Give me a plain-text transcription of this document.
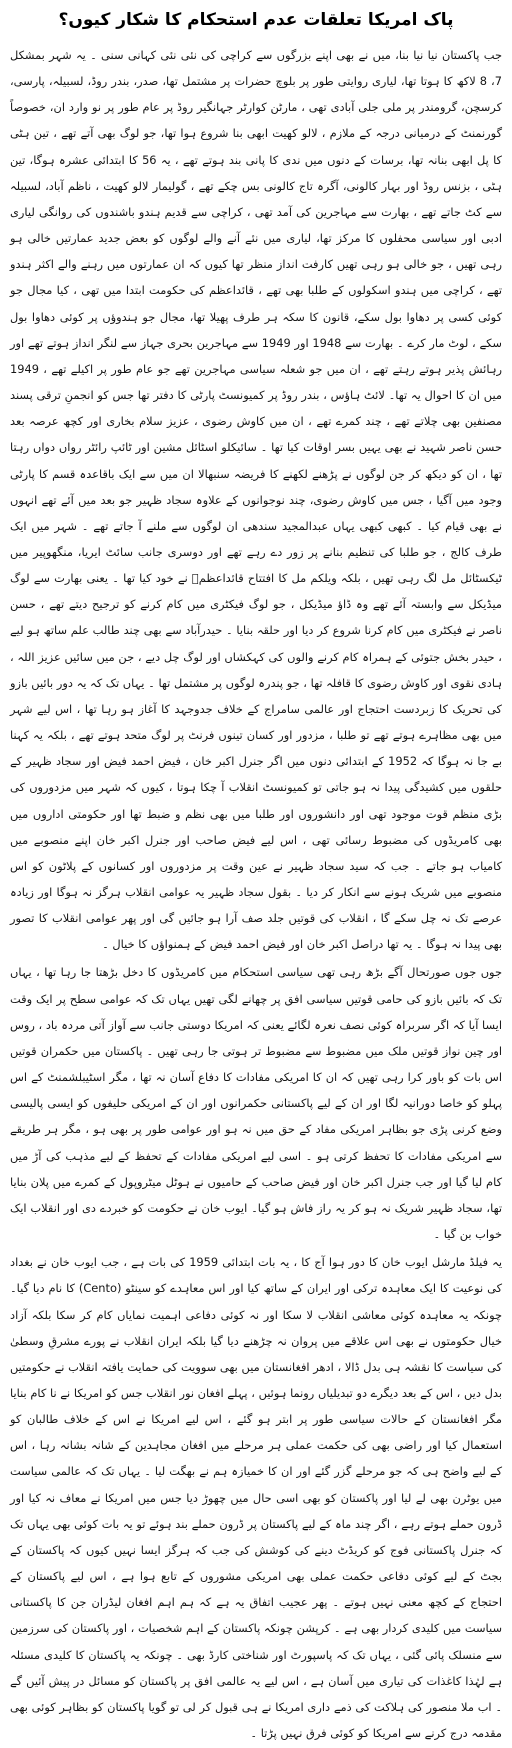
پاک امریکا تعلقات عدم استحکام کا شکار کیوں؟

جب پاکستان نیا نیا بنا، میں نے بھی اپنے بزرگوں سے کراچی کی نئی نئی کہانی سنی ۔ یہ شہر بمشکل 7، 8 لاکھ کا ہوتا تھا، لیاری روایتی طور پر بلوچ حضرات پر مشتمل تھا، صدر، بندر روڈ، لسبیلہ، پارسی، کرسچن، گرومندر پر ملی جلی آبادی تھی ، مارٹن کوارٹر جہانگیر روڈ پر عام طور پر نو وارد ان، خصوصاً گورنمنٹ کے درمیانی درجہ کے ملازم ، لالو کھیت ابھی بنا شروع ہوا تھا، جو لوگ بھی آتے تھے ، تین ہٹی کا پل ابھی بنانہ تھا، برسات کے دنوں میں ندی کا پانی بند ہوتے تھے ، یہ 56 کا ابتدائی عشرہ ہوگا، تین ہٹی ، بزنس روڈ اور بہار کالونی، آگرہ تاج کالونی بس چکے تھے ، گولیمار لالو کھیت ، ناظم آباد، لسبیلہ سے کٹ جاتے تھے ، بھارت سے مہاجرین کی آمد تھی ، کراچی سے قدیم ہندو باشندوں کی روانگی لیاری ادبی اور سیاسی محفلوں کا مرکز تھا، لیاری میں نئے آنے والے لوگوں کو بعض جدید عمارتیں خالی ہو رہی تھیں ، جو خالی ہو رہی تھیں کارفت انداز منظر تھا کیوں کہ ان عمارتوں میں رہنے والے اکثر ہندو تھے ، کراچی میں ہندو اسکولوں کے طلبا بھی تھے ، قائداعظم کی حکومت ابتدا میں تھی ، کیا مجال جو کوئی کسی پر دھاوا بول سکے، قانون کا سکہ ہر طرف پھیلا تھا، مجال جو ہندوؤں پر کوئی دھاوا بول سکے ، لوٹ مار کرے ۔ بھارت سے 1948 اور 1949 سے مہاجرین بحری جہاز سے لنگر انداز ہوتے تھے اور رہائش پذیر ہوتے رہتے تھے ، ان میں جو شعلہ سیاسی مہاجرین تھے جو عام طور پر اکیلے تھے ، 1949 میں ان کا احوال یہ تھا۔ لائٹ ہاؤس ، بندر روڈ پر کمیونسٹ پارٹی کا دفتر تھا جس کو انجمنِ ترقی پسند مصنفین بھی چلاتے تھے ، چند کمرے تھے ، ان میں کاوش رضوی ، عزیز سلام بخاری اور کچھ عرصہ بعد حسن ناصر شہید نے بھی یہیں بسر اوقات کیا تھا ۔ سائیکلو اسٹائل مشین اور ٹائپ رائٹر رواں دواں رہتا تھا ، ان کو دیکھ کر جن لوگوں نے پڑھنے لکھنے کا فریضہ سنبھالا ان میں سے ایک باقاعدہ قسم کا پارٹی وجود میں آگیا ، جس میں کاوش رضوی، چند نوجوانوں کے علاوہ سجاد ظہیر جو بعد میں آئے تھے انہوں نے بھی قیام کیا ۔ کبھی کبھی یہاں عبدالمجید سندھی ان لوگوں سے ملنے آ جاتے تھے ۔ شہر میں ایک طرف کالج ، جو طلبا کی تنظیم بنانے پر زور دے رہے تھے اور دوسری جانب سائٹ ایریا، منگھوپیر میں ٹیکسٹائل مل لگ رہی تھیں ، بلکہ ویلکم مل کا افتتاح قائداعظمؒ نے خود کیا تھا ۔ یعنی بھارت سے لوگ میڈیکل سے وابستہ آئے تھے وہ ڈاؤ میڈیکل ، جو لوگ فیکٹری میں کام کرنے کو ترجیح دیتے تھے ، حسن ناصر نے فیکٹری میں کام کرنا شروع کر دیا اور حلقہ بنایا ۔ حیدرآباد سے بھی چند طالب علم ساتھ ہو لیے ، حیدر بخش جتوئی کے ہمراہ کام کرنے والوں کی کہکشاں اور لوگ چل دیے ، جن میں سائیں عزیز اللہ ، ہادی نقوی اور کاوش رضوی کا قافلہ تھا ، جو پندرہ لوگوں پر مشتمل تھا ۔ یہاں تک کہ یہ دور بائیں بازو کی تحریک کا زبردست احتجاج اور عالمی سامراج کے خلاف جدوجہد کا آغاز ہو رہا تھا ، اس لیے شہر میں بھی مظاہرے ہوتے تھے تو طلبا ، مزدور اور کسان تینوں فرنٹ پر لوگ متحد ہوتے تھے ، بلکہ یہ کہنا بے جا نہ ہوگا کہ 1952 کے ابتدائی دنوں میں اگر جنرل اکبر خان ، فیض احمد فیض اور سجاد ظہیر کے حلقوں میں کشیدگی پیدا نہ ہو جاتی تو کمیونسٹ انقلاب آ چکا ہوتا ، کیوں کہ شہر میں مزدوروں کی بڑی منظم قوت موجود تھی اور دانشوروں اور طلبا میں بھی نظم و ضبط تھا اور حکومتی اداروں میں بھی کامریڈوں کی مضبوط رسائی تھی ، اس لیے فیض صاحب اور جنرل اکبر خان اپنے منصوبے میں کامیاب ہو جاتے ۔ جب کہ سید سجاد ظہیر نے عین وقت پر مزدوروں اور کسانوں کے پلاٹون کو اس منصوبے میں شریک ہونے سے انکار کر دیا ۔ بقول سجاد ظہیر یہ عوامی انقلاب ہرگز نہ ہوگا اور زیادہ عرصے تک نہ چل سکے گا ، انقلاب کی قوتیں جلد صف آرا ہو جائیں گی اور پھر عوامی انقلاب کا تصور بھی پیدا نہ ہوگا ۔ یہ تھا دراصل اکبر خان اور فیض احمد فیض کے ہمنواؤں کا خیال ۔

جوں جوں صورتحال آگے بڑھ رہی تھی سیاسی استحکام میں کامریڈوں کا دخل بڑھتا جا رہا تھا ، یہاں تک کہ بائیں بازو کی حامی قوتیں سیاسی افق پر چھانے لگی تھیں یہاں تک کہ عوامی سطح پر ایک وقت ایسا آیا کہ اگر سربراہ کوئی نصف نعرہ لگائے یعنی کہ امریکا دوستی جانب سے آواز آتی مردہ باد ، روس اور چین نواز قوتیں ملک میں مضبوط سے مضبوط تر ہوتی جا رہی تھیں ۔ پاکستان میں حکمران قوتیں اس بات کو باور کرا رہی تھیں کہ ان کا امریکی مفادات کا دفاع آسان نہ تھا ، مگر اسٹیبلشمنٹ کے اس پہلو کو خاصا دورانیہ لگا اور ان کے لیے پاکستانی حکمرانوں اور ان کے امریکی حلیفوں کو ایسی پالیسی وضع کرنی پڑی جو بظاہر امریکی مفاد کے حق میں نہ ہو اور عوامی طور پر بھی ہو ، مگر ہر طریقے سے امریکی مفادات کا تحفظ کرتی ہو ۔ اسی لیے امریکی مفادات کے تحفظ کے لیے مذہب کی آڑ میں کام لیا گیا اور جب جنرل اکبر خان اور فیض صاحب کے حامیوں نے ہوٹل میٹروپول کے کمرے میں پلان بنایا تھا، سجاد ظہیر شریک نہ ہو کر یہ راز فاش ہو گیا۔ ایوب خان نے حکومت کو خبردے دی اور انقلاب ایک خواب بن گیا ۔

یہ فیلڈ مارشل ایوب خان کا دور ہوا آج کا ، یہ بات ابتدائی 1959 کی بات ہے ، جب ایوب خان نے بغداد کی نوعیت کا ایک معاہدہ ترکی اور ایران کے ساتھ کیا اور اس معاہدے کو سینٹو (Cento) کا نام دیا گیا۔ چونکہ یہ معاہدہ کوئی معاشی انقلاب لا سکا اور نہ کوئی دفاعی اہمیت نمایاں کام کر سکا بلکہ آزاد خیال حکومتوں نے بھی اس علاقے میں پروان نہ چڑھنے دیا گیا بلکہ ایران انقلاب نے پورے مشرقِ وسطیٰ کی سیاست کا نقشہ ہی بدل ڈالا ، ادھر افغانستان میں بھی سوویت کی حمایت یافتہ انقلاب نے حکومتیں بدل دیں ، اس کے بعد دیگرے دو تبدیلیاں رونما ہوئیں ، پہلے افغان نور انقلاب جس کو امریکا نے نا کام بنایا مگر افغانستان کے حالات سیاسی طور پر ابتر ہو گئے ، اس لیے امریکا نے اس کے خلاف طالبان کو استعمال کیا اور راضی بھی کی حکمت عملی ہر مرحلے میں افغان مجاہدین کے شانہ بشانہ رہا ، اس کے لیے واضح ہی کہ جو مرحلے گزر گئے اور ان کا خمیازہ ہم نے بھگت لیا ۔ یہاں تک کہ عالمی سیاست میں یوٹرن بھی لے لیا اور پاکستان کو بھی اسی حال میں چھوڑ دیا جس میں امریکا نے معاف نہ کیا اور ڈرون حملے ہوتے رہے ، اگر چند ماہ کے لیے پاکستان پر ڈرون حملے بند ہوئے تو یہ بات کوئی بھی یہاں تک کہ جنرل پاکستانی فوج کو کریڈٹ دینے کی کوشش کی جب کہ ہرگز ایسا نہیں کیوں کہ پاکستان کے بجٹ کے لیے کوئی دفاعی حکمت عملی بھی امریکی مشوروں کے تابع ہوا ہے ، اس لیے پاکستان کے احتجاج کے کچھ معنی نہیں ہوتے ۔ پھر عجیب اتفاق یہ ہے کہ ہم اہم افغان لیڈران جن کا پاکستانی سیاست میں کلیدی کردار بھی ہے ۔ کرپشن چونکہ پاکستان کے اہم شخصیات ، اور پاکستان کی سرزمین سے منسلک پائی گئی ، یہاں تک کہ پاسپورٹ اور شناختی کارڈ بھی ۔ چونکہ یہ پاکستان کا کلیدی مسئلہ ہے لہٰذا کاغذات کی تیاری میں آسان ہے ، اس لیے یہ عالمی افق پر پاکستان کو مسائل در پیش آئیں گے ۔ اب ملا منصور کی ہلاکت کی ذمے داری امریکا نے ہی قبول کر لی تو گویا پاکستان کو بظاہر کوئی بھی مقدمہ درج کرنے سے امریکا کو کوئی فرق نہیں پڑتا ۔
